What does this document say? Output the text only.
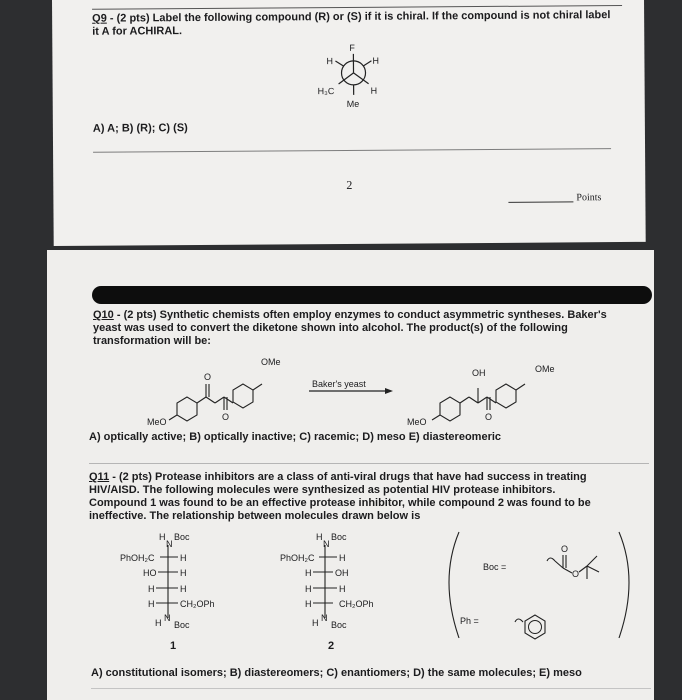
Q9 - (2 pts) Label the following compound (R) or (S) if it is chiral. If the compound is not chiral label
it A for ACHIRAL.
F
H	H
H₃C	H
Me
A) A; B) (R); C) (S)
2
Points
Q10 - (2 pts) Synthetic chemists often employ enzymes to conduct asymmetric syntheses. Baker's
yeast was used to convert the diketone shown into alcohol. The product(s) of the following
transformation will be:
OMe
O
O
MeO
Baker's yeast
OH	OMe
O
MeO
A) optically active; B) optically inactive; C) racemic; D) meso E) diastereomeric
Q11 - (2 pts) Protease inhibitors are a class of anti-viral drugs that have had success in treating
HIV/AISD. The following molecules were synthesized as potential HIV protease inhibitors.
Compound 1 was found to be an effective protease inhibitor, while compound 2 was found to be
ineffective. The relationship between molecules drawn below is
H
N
Boc
PhOH₂C	H
HO	H
H	H
H	CH₂OPh
H N
Boc
1
H
N
Boc
PhOH₂C	H
H	OH
H	H
H	CH₂OPh
H N
Boc
2
Boc =
O
O
Ph =
A) constitutional isomers; B) diastereomers; C) enantiomers; D) the same molecules; E) meso
